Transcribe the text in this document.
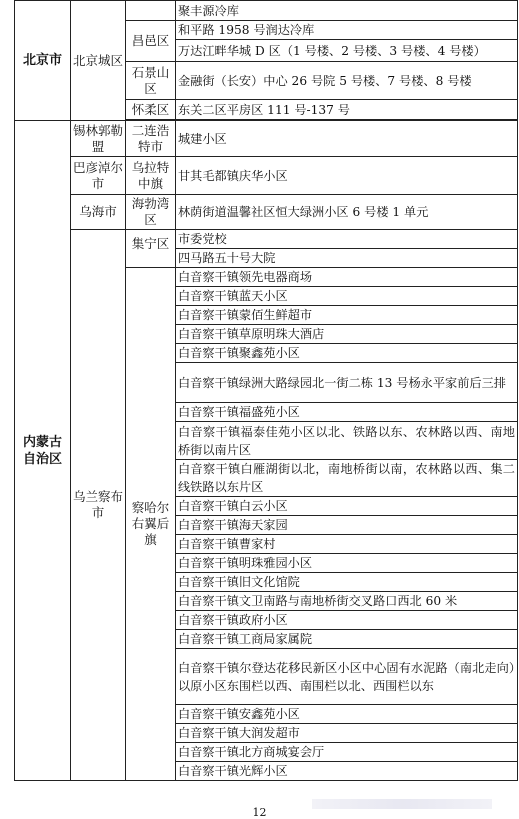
北京市	北京城区		聚丰源冷库
		昌邑区	和平路 1958 号润达冷库
			万达江畔华城 D 区（1 号楼、2 号楼、3 号楼、4 号楼）
		石景山区	金融街（长安）中心 26 号院 5 号楼、7 号楼、8 号楼
		怀柔区	东关二区平房区 111 号-137 号

内蒙古自治区	锡林郭勒盟	二连浩特市	城建小区
	巴彦淖尔市	乌拉特中旗	甘其毛都镇庆华小区
	乌海市	海勃湾区	林荫街道温馨社区恒大绿洲小区 6 号楼 1 单元
	乌兰察布市	集宁区	市委党校
			四马路五十号大院
		察哈尔右翼后旗	白音察干镇领先电器商场
			白音察干镇蓝天小区
			白音察干镇蒙佰生鲜超市
			白音察干镇草原明珠大酒店
			白音察干镇聚鑫苑小区
			白音察干镇绿洲大路绿园北一街二栋 13 号杨永平家前后三排
			白音察干镇福盛苑小区
			白音察干镇福泰佳苑小区以北、铁路以东、农林路以西、南地桥街以南片区
			白音察干镇白雁湖街以北，南地桥街以南，农林路以西、集二线铁路以东片区
			白音察干镇白云小区
			白音察干镇海天家园
			白音察干镇曹家村
			白音察干镇明珠雅园小区
			白音察干镇旧文化馆院
			白音察干镇文卫南路与南地桥街交叉路口西北 60 米
			白音察干镇政府小区
			白音察干镇工商局家属院
			白音察干镇尔登达花移民新区小区中心固有水泥路（南北走向）以原小区东围栏以西、南围栏以北、西围栏以东
			白音察干镇安鑫苑小区
			白音察干镇大润发超市
			白音察干镇北方商城宴会厅
			白音察干镇光辉小区
12
